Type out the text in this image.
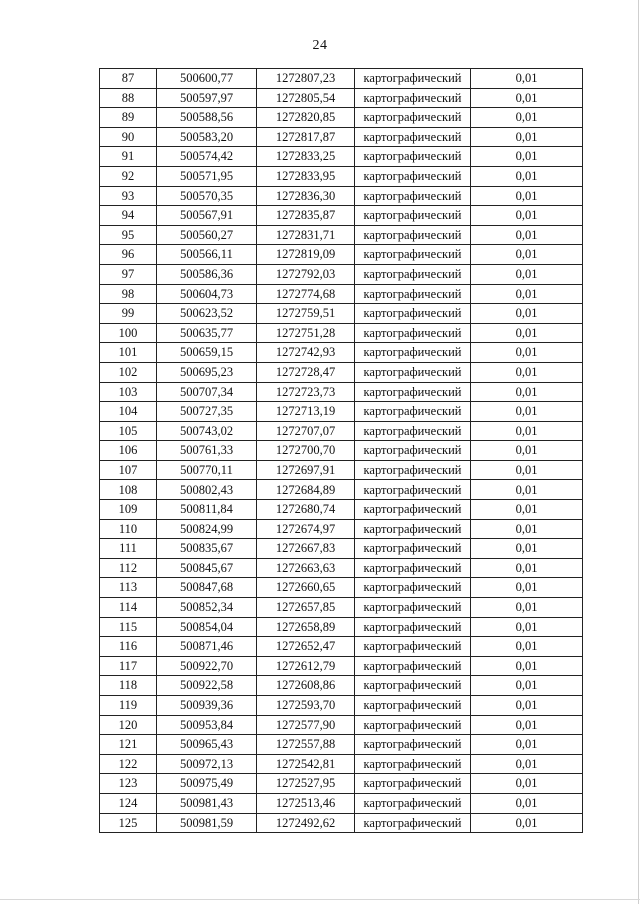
24
87	500600,77	1272807,23	картографический	0,01
88	500597,97	1272805,54	картографический	0,01
89	500588,56	1272820,85	картографический	0,01
90	500583,20	1272817,87	картографический	0,01
91	500574,42	1272833,25	картографический	0,01
92	500571,95	1272833,95	картографический	0,01
93	500570,35	1272836,30	картографический	0,01
94	500567,91	1272835,87	картографический	0,01
95	500560,27	1272831,71	картографический	0,01
96	500566,11	1272819,09	картографический	0,01
97	500586,36	1272792,03	картографический	0,01
98	500604,73	1272774,68	картографический	0,01
99	500623,52	1272759,51	картографический	0,01
100	500635,77	1272751,28	картографический	0,01
101	500659,15	1272742,93	картографический	0,01
102	500695,23	1272728,47	картографический	0,01
103	500707,34	1272723,73	картографический	0,01
104	500727,35	1272713,19	картографический	0,01
105	500743,02	1272707,07	картографический	0,01
106	500761,33	1272700,70	картографический	0,01
107	500770,11	1272697,91	картографический	0,01
108	500802,43	1272684,89	картографический	0,01
109	500811,84	1272680,74	картографический	0,01
110	500824,99	1272674,97	картографический	0,01
111	500835,67	1272667,83	картографический	0,01
112	500845,67	1272663,63	картографический	0,01
113	500847,68	1272660,65	картографический	0,01
114	500852,34	1272657,85	картографический	0,01
115	500854,04	1272658,89	картографический	0,01
116	500871,46	1272652,47	картографический	0,01
117	500922,70	1272612,79	картографический	0,01
118	500922,58	1272608,86	картографический	0,01
119	500939,36	1272593,70	картографический	0,01
120	500953,84	1272577,90	картографический	0,01
121	500965,43	1272557,88	картографический	0,01
122	500972,13	1272542,81	картографический	0,01
123	500975,49	1272527,95	картографический	0,01
124	500981,43	1272513,46	картографический	0,01
125	500981,59	1272492,62	картографический	0,01
